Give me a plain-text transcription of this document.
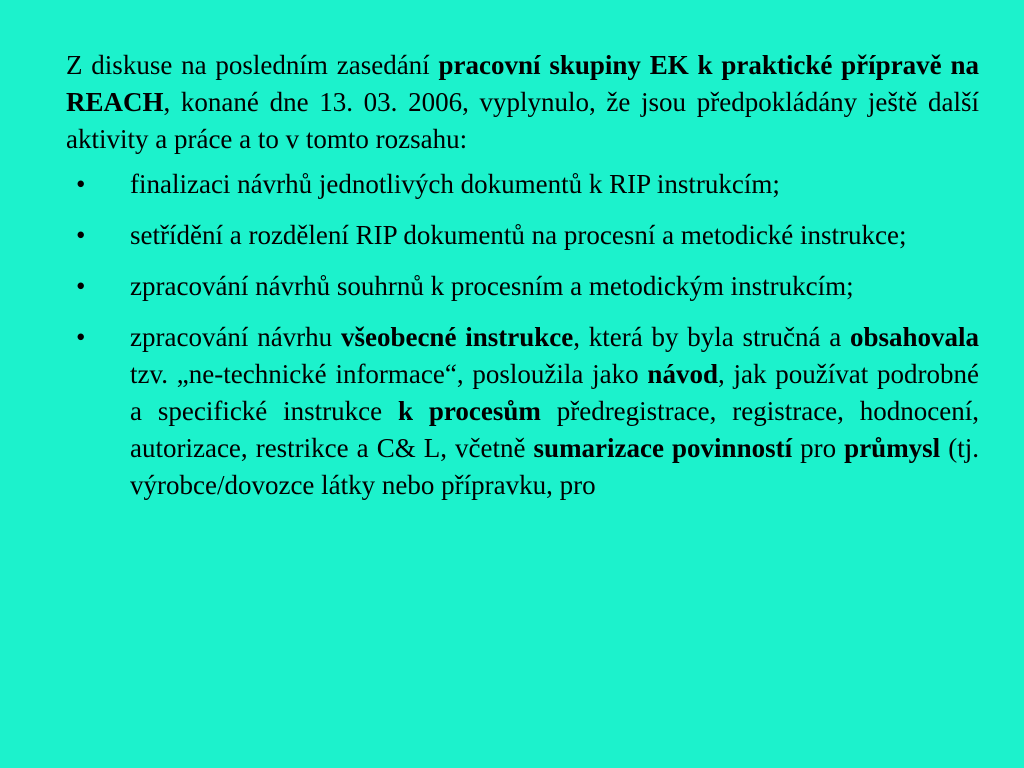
Z diskuse na posledním zasedání pracovní skupiny EK k praktické přípravě na REACH, konané dne 13. 03. 2006, vyplynulo, že jsou předpokládány ještě další aktivity a práce a to v tomto rozsahu:

• finalizaci návrhů jednotlivých dokumentů k RIP instrukcím;
• setřídění a rozdělení RIP dokumentů na procesní a metodické instrukce;
• zpracování návrhů souhrnů k procesním a metodickým instrukcím;
• zpracování návrhu všeobecné instrukce, která by byla stručná a obsahovala tzv. „ne-technické informace“, posloužila jako návod, jak používat podrobné a specifické instrukce k procesům předregistrace, registrace, hodnocení, autorizace, restrikce a C& L, včetně sumarizace povinností pro průmysl (tj. výrobce/dovozce látky nebo přípravku, pro
